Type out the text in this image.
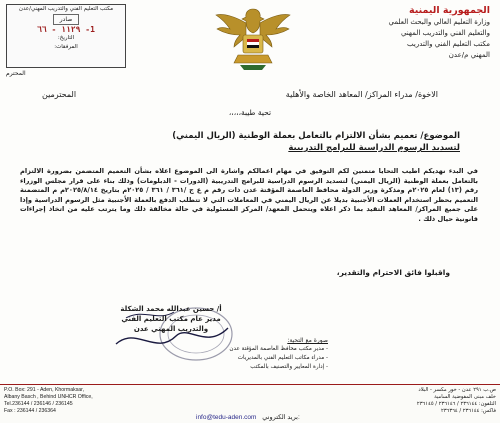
مكتب التعليم الفني والتدريب المهني/عدن
صادر
1- ١١٢٩ - ٦٦
التاريخ:
المرفقات:
المحترم
الجمهورية اليمنية
وزارة التعليم العالي والبحث العلمي
والتعليم الفني والتدريب المهني
مكتب التعليم الفني والتدريب
المهني م/عدن
الاخوة/ مدراء المراكز/ المعاهد الخاصة والأهلية
المحترمين
تحية طيبة،،،،،
الموضوع/ تعميم بشأن الالتزام بالتعامل بعملة الوطنية (الريال اليمني)
لتسديد الرسوم الدراسية للبرامج التدريبية

في البدء نهديكم اطيب التحايا متمنين لكم التوفيق في مهام اعمالكم واشارة الى الموضوع اعلاه بشأن التعميم المتضمن بضرورة الالتزام بالتعامل بعملة الوطنية (الريال اليمني) لتسديد الرسوم الدراسية للبرامج التدريبية (الدورات - الدبلومات) وذلك بناء على قرار مجلس الوزراء رقم (١٣) لعام ٢٠٢٥م ومذكرة وزير الدولة محافظ العاصمة المؤقتة عدن ذات رقم م ع ج /٣٦١ / ٣٦١ / ٢٠٢٥م بتاريخ ٢٠٢٥/٨/١٤م م المتضمنة التعميم بحظر استخدام العملات الأجنبية بديلا عن الريال اليمني في المعاملات التي لا تتطلب الدفع بالعملة الأجنبية مثل الرسوم الدراسية وإذا على جميع المراكز/ المعاهد التقيد بما ذكر اعلاه ويتحمل المعهد/ المركز المسئولية في حالة مخالفة ذلك وما يترتب عليه من اتخاذ إجراءات قانونية حيال ذلك .

واقبلوا فائق الاحترام والتقدير،
أ/ حسين عبدالله محمد الشكلة
مدير عام مكتب التعليم الفني
والتدريب المهني عدن
صورة مع التحية:
- مدير مكتب محافظ العاصمة المؤقتة عدن
- مدراء مكاتب التعليم الفني بالمديريات
- إدارة المعايير والتصنيف بالمكتب
P.O. Box: 291 - Aden, Khormaksar,
Albany Basch , Behind UNHCR Office,
Tel.236144 / 236146 / 236145
Fax : 236144 / 236364
ص.ب ٢٩١ عدن - خور مكسر - البلاد
خلف مبنى المفوضية السامية
التلفون: ٢٣٦١٤٤ / ٢٣٦١٤٦ / ٢٣٦١٤٥
فاكس: ٢٣٦١٤٤ / ٢٣٦٣٦٤
info@tedu-aden.com بريد الكتروني:
